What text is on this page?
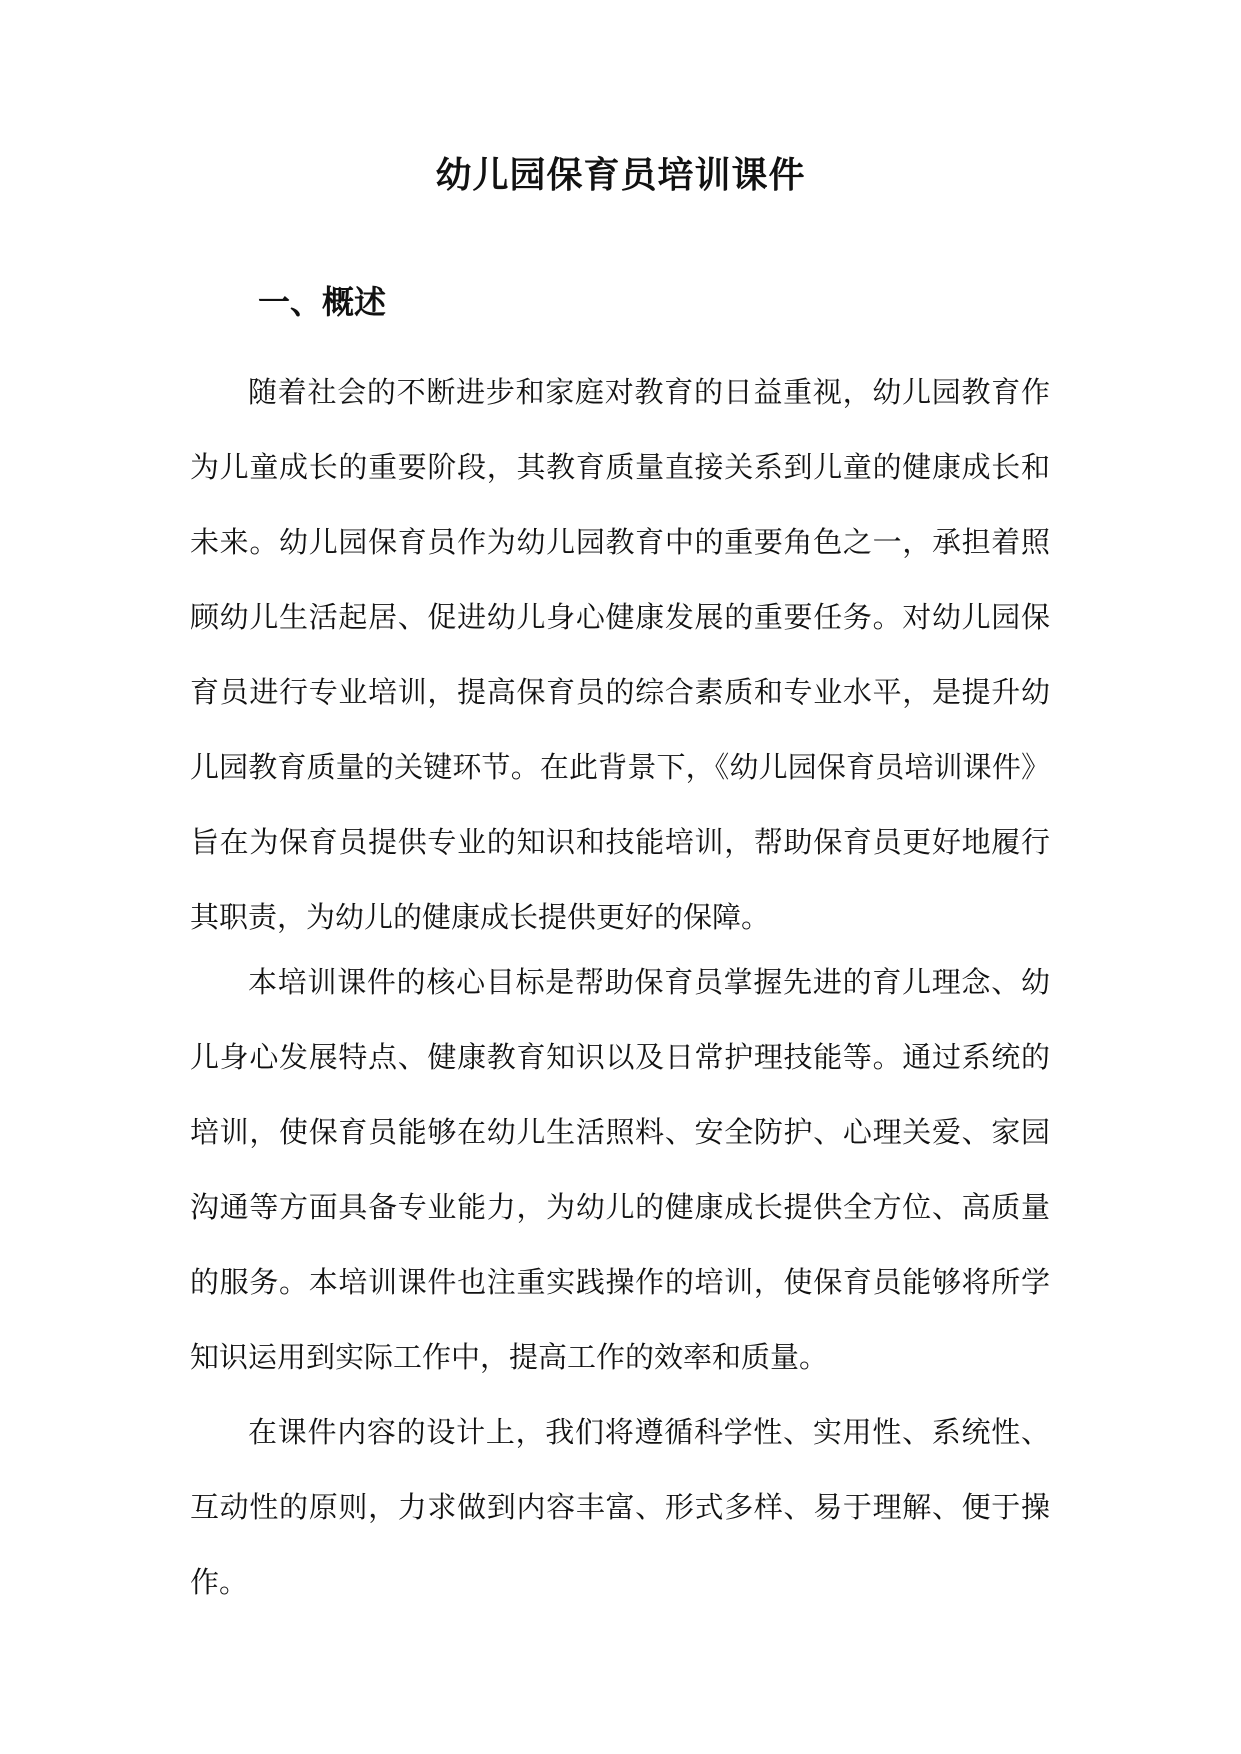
幼儿园保育员培训课件
一、概述

随着社会的不断进步和家庭对教育的日益重视，幼儿园教育作为儿童成长的重要阶段，其教育质量直接关系到儿童的健康成长和未来。幼儿园保育员作为幼儿园教育中的重要角色之一，承担着照顾幼儿生活起居、促进幼儿身心健康发展的重要任务。对幼儿园保育员进行专业培训，提高保育员的综合素质和专业水平，是提升幼儿园教育质量的关键环节。在此背景下，《幼儿园保育员培训课件》旨在为保育员提供专业的知识和技能培训，帮助保育员更好地履行其职责，为幼儿的健康成长提供更好的保障。

本培训课件的核心目标是帮助保育员掌握先进的育儿理念、幼儿身心发展特点、健康教育知识以及日常护理技能等。通过系统的培训，使保育员能够在幼儿生活照料、安全防护、心理关爱、家园沟通等方面具备专业能力，为幼儿的健康成长提供全方位、高质量的服务。本培训课件也注重实践操作的培训，使保育员能够将所学知识运用到实际工作中，提高工作的效率和质量。

在课件内容的设计上，我们将遵循科学性、实用性、系统性、互动性的原则，力求做到内容丰富、形式多样、易于理解、便于操作。
